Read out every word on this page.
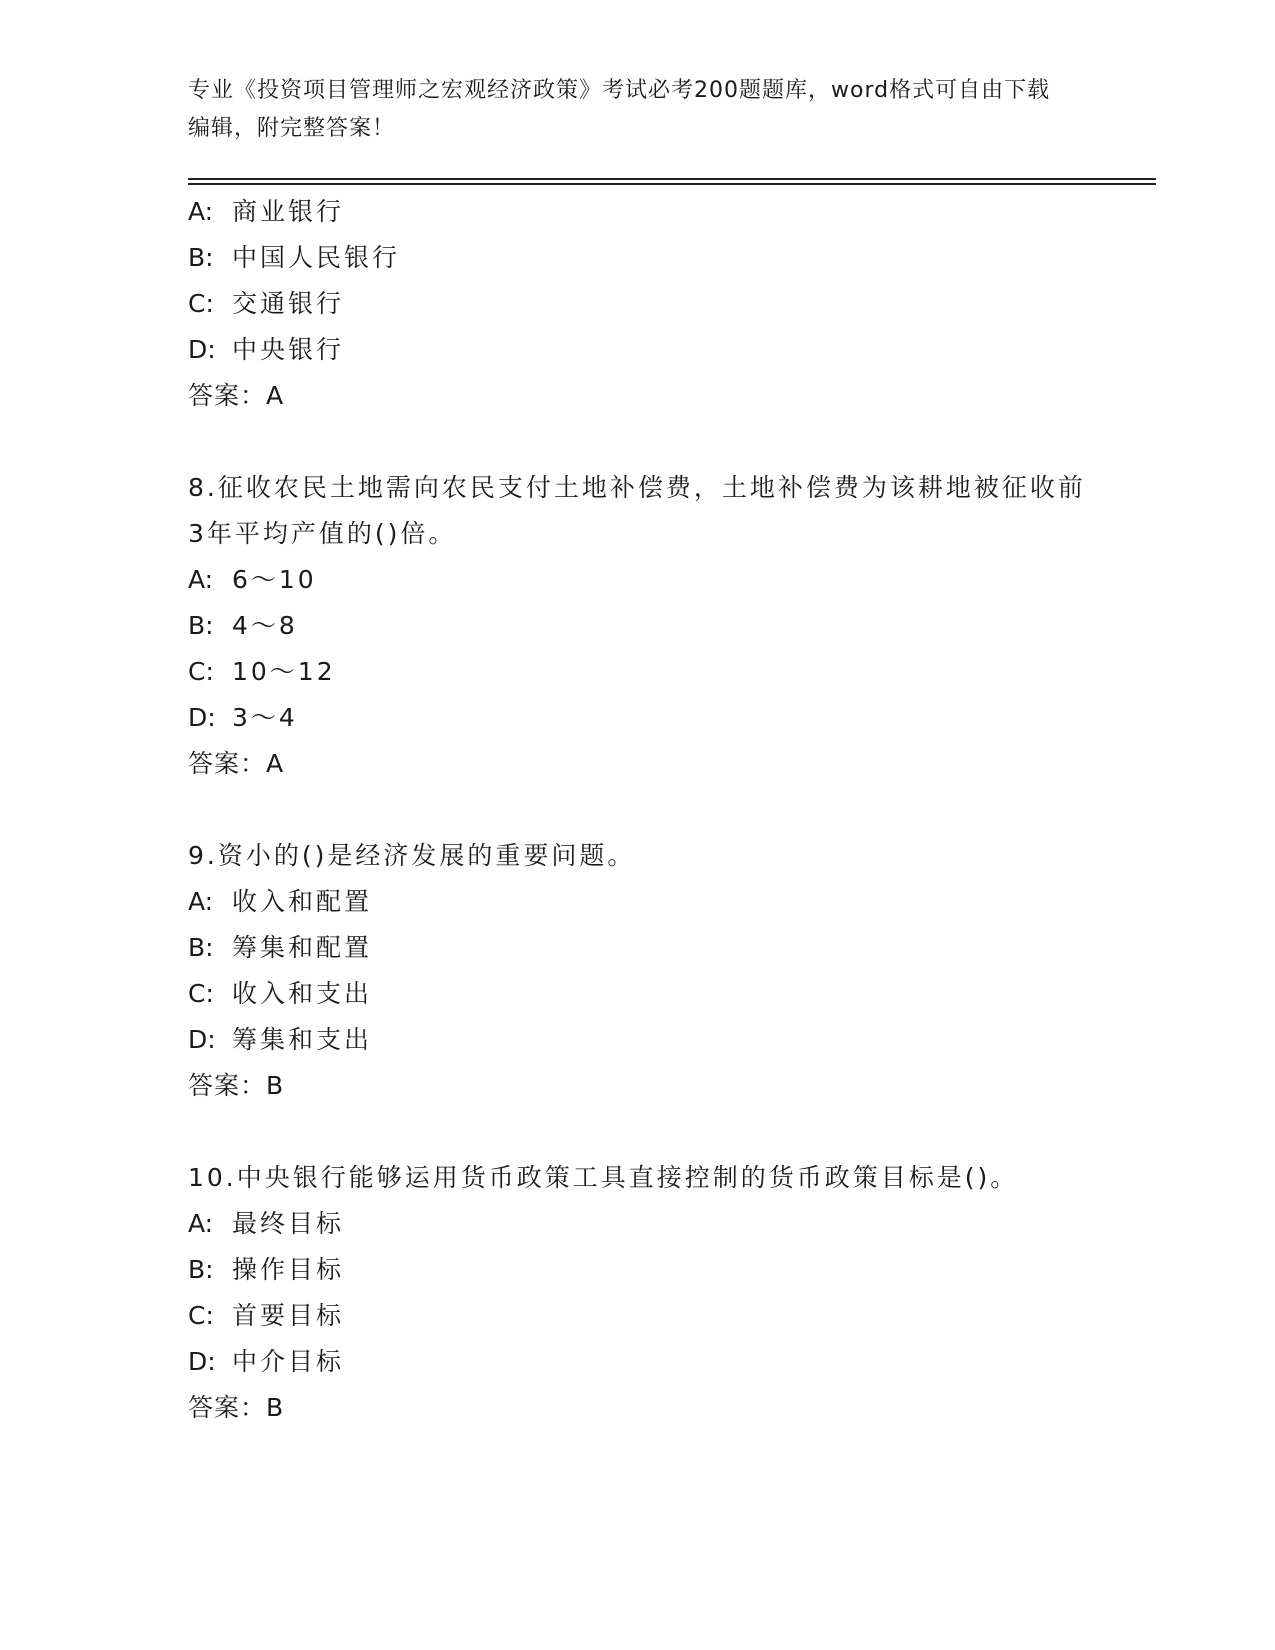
专业《投资项目管理师之宏观经济政策》考试必考200题题库，word格式可自由下载编辑，附完整答案！
A: 商业银行
B: 中国人民银行
C: 交通银行
D: 中央银行
答案：A
8.征收农民土地需向农民支付土地补偿费，土地补偿费为该耕地被征收前3年平均产值的()倍。
A: 6～10
B: 4～8
C: 10～12
D: 3～4
答案：A
9.资小的()是经济发展的重要问题。
A: 收入和配置
B: 筹集和配置
C: 收入和支出
D: 筹集和支出
答案：B
10.中央银行能够运用货币政策工具直接控制的货币政策目标是()。
A: 最终目标
B: 操作目标
C: 首要目标
D: 中介目标
答案：B
